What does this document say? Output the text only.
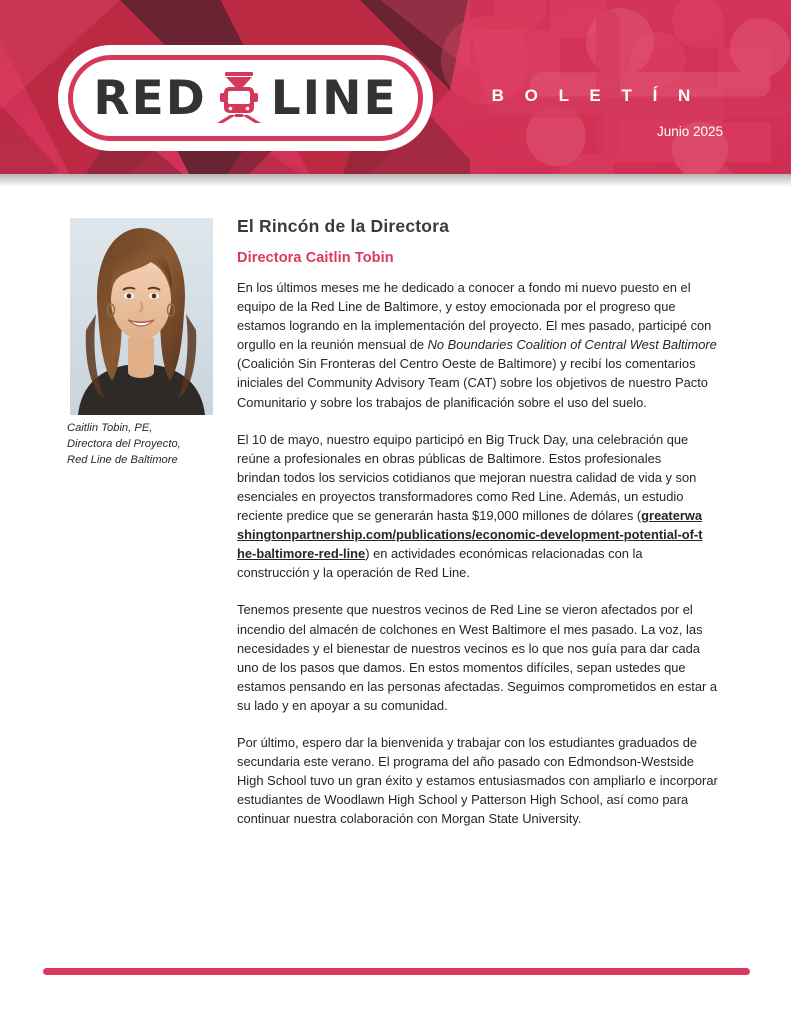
RED LINE	B O L E T Í N
Junio 2025
Caitlin Tobin, PE,
Directora del Proyecto,
Red Line de Baltimore
El Rincón de la Directora
Directora Caitlin Tobin

En los últimos meses me he dedicado a conocer a fondo mi nuevo puesto en el equipo de la Red Line de Baltimore, y estoy emocionada por el progreso que estamos logrando en la implementación del proyecto. El mes pasado, participé con orgullo en la reunión mensual de No Boundaries Coalition of Central West Baltimore (Coalición Sin Fronteras del Centro Oeste de Baltimore) y recibí los comentarios iniciales del Community Advisory Team (CAT) sobre los objetivos de nuestro Pacto Comunitario y sobre los trabajos de planificación sobre el uso del suelo.

El 10 de mayo, nuestro equipo participó en Big Truck Day, una celebración que reúne a profesionales en obras públicas de Baltimore. Estos profesionales brindan todos los servicios cotidianos que mejoran nuestra calidad de vida y son esenciales en proyectos transformadores como Red Line. Además, un estudio reciente predice que se generarán hasta $19,000 millones de dólares (greaterwashingtonpartnership.com/publications/economic-development-potential-of-the-baltimore-red-line) en actividades económicas relacionadas con la construcción y la operación de Red Line.

Tenemos presente que nuestros vecinos de Red Line se vieron afectados por el incendio del almacén de colchones en West Baltimore el mes pasado. La voz, las necesidades y el bienestar de nuestros vecinos es lo que nos guía para dar cada uno de los pasos que damos. En estos momentos difíciles, sepan ustedes que estamos pensando en las personas afectadas. Seguimos comprometidos en estar a su lado y en apoyar a su comunidad.

Por último, espero dar la bienvenida y trabajar con los estudiantes graduados de secundaria este verano. El programa del año pasado con Edmondson-Westside High School tuvo un gran éxito y estamos entusiasmados con ampliarlo e incorporar estudiantes de Woodlawn High School y Patterson High School, así como para continuar nuestra colaboración con Morgan State University.
